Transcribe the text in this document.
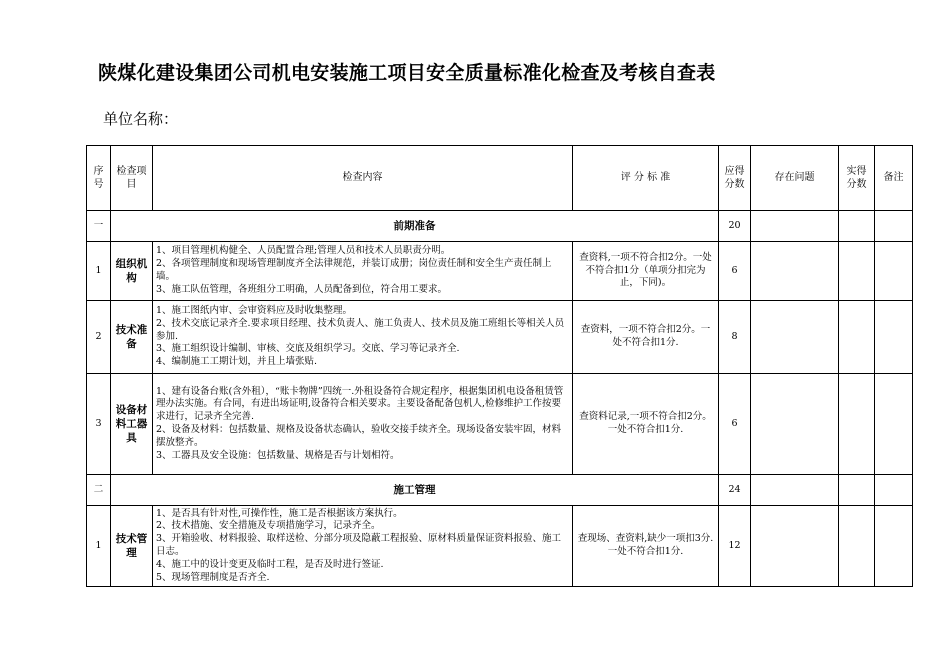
陕煤化建设集团公司机电安装施工项目安全质量标准化检查及考核自查表
单位名称：
序号	检查项目	检查内容	评 分 标 准	应得分数	存在问题	实得分数	备注
一	前期准备			20			
1	组织机构	1、项目管理机构健全、人员配置合理;管理人员和技术人员职责分明。
2、各项管理制度和现场管理制度齐全法律规范，并装订成册；岗位责任制和安全生产责任制上墙。
3、施工队伍管理，各班组分工明确，人员配备到位，符合用工要求。	查资料,一项不符合扣2分。一处不符合扣1分（单项分扣完为止，下同)。	6			
2	技术准备	1、施工图纸内审、会审资料应及时收集整理。
2、技术交底记录齐全.要求项目经理、技术负责人、施工负责人、技术员及施工班组长等相关人员参加.
3、施工组织设计编制、审核、交底及组织学习。交底、学习等记录齐全.
4、编制施工工期计划，并且上墙张贴.	查资料，一项不符合扣2分。一处不符合扣1分.	8			
3	设备材料工器具	1、建有设备台账(含外租），“账卡物牌”四统一.外租设备符合规定程序，根据集团机电设备租赁管理办法实施。有合同，有进出场证明,设备符合相关要求。主要设备配备包机人,检修维护工作按要求进行，记录齐全完善.
2、设备及材料：包括数量、规格及设备状态确认，验收交接手续齐全。现场设备安装牢固，材料摆放整齐。
3、工器具及安全设施：包括数量、规格是否与计划相符。	查资料记录,一项不符合扣2分。一处不符合扣1分.	6			
二	施工管理			24			
1	技术管理	1、是否具有针对性,可操作性，施工是否根据该方案执行。
2、技术措施、安全措施及专项措施学习，记录齐全。
3、开箱验收、材料报验、取样送检、分部分项及隐蔽工程报验、原材料质量保证资料报验、施工日志。
4、施工中的设计变更及临时工程，是否及时进行签证.
5、现场管理制度是否齐全.	查现场、查资料,缺少一项扣3分.一处不符合扣1分.	12			
